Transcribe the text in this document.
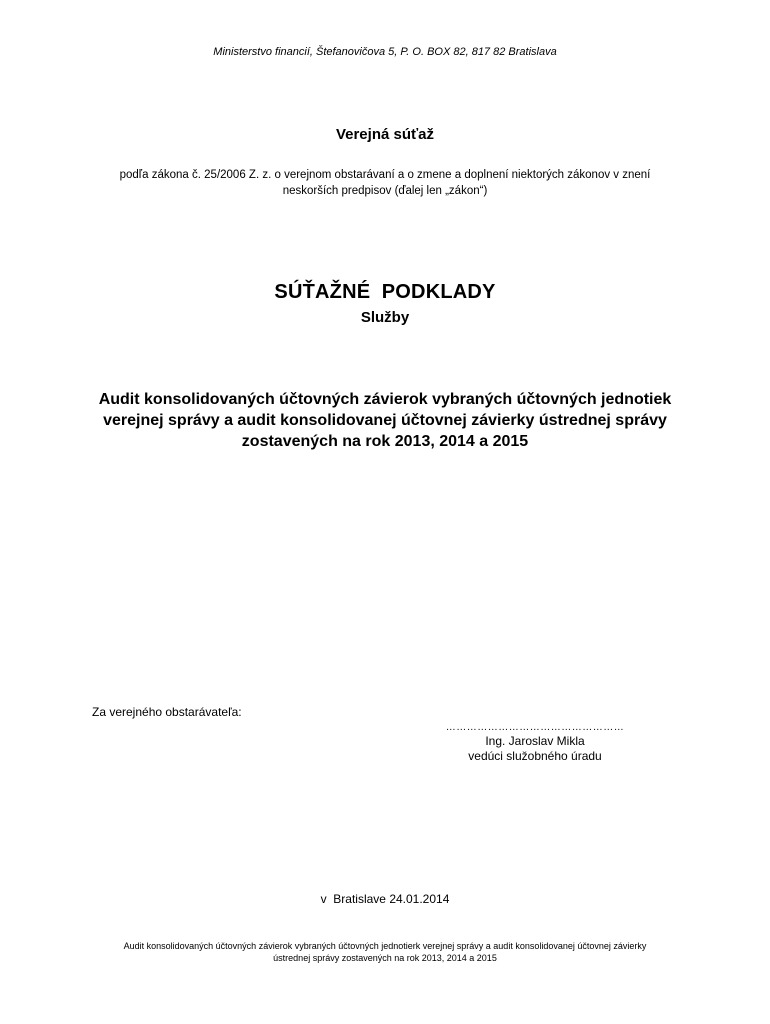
Ministerstvo financií, Štefanovičova 5, P. O. BOX 82, 817 82 Bratislava
Verejná súťaž
podľa zákona č. 25/2006 Z. z. o verejnom obstarávaní a o zmene a doplnení niektorých zákonov v znení neskorších predpisov (ďalej len „zákon“)
SÚŤAŽNÉ  PODKLADY
Služby
Audit konsolidovaných účtovných závierok vybraných účtovných jednotiek
verejnej správy a audit konsolidovanej účtovnej závierky ústrednej správy
zostavených na rok 2013, 2014 a 2015
Za verejného obstarávateľa:
……………………………………………
Ing. Jaroslav Mikla
vedúci služobného úradu
v  Bratislave 24.01.2014
Audit konsolidovaných účtovných závierok vybraných účtovných jednotierk verejnej správy a audit konsolidovanej účtovnej závierky
ústrednej správy zostavených na rok 2013, 2014 a 2015
